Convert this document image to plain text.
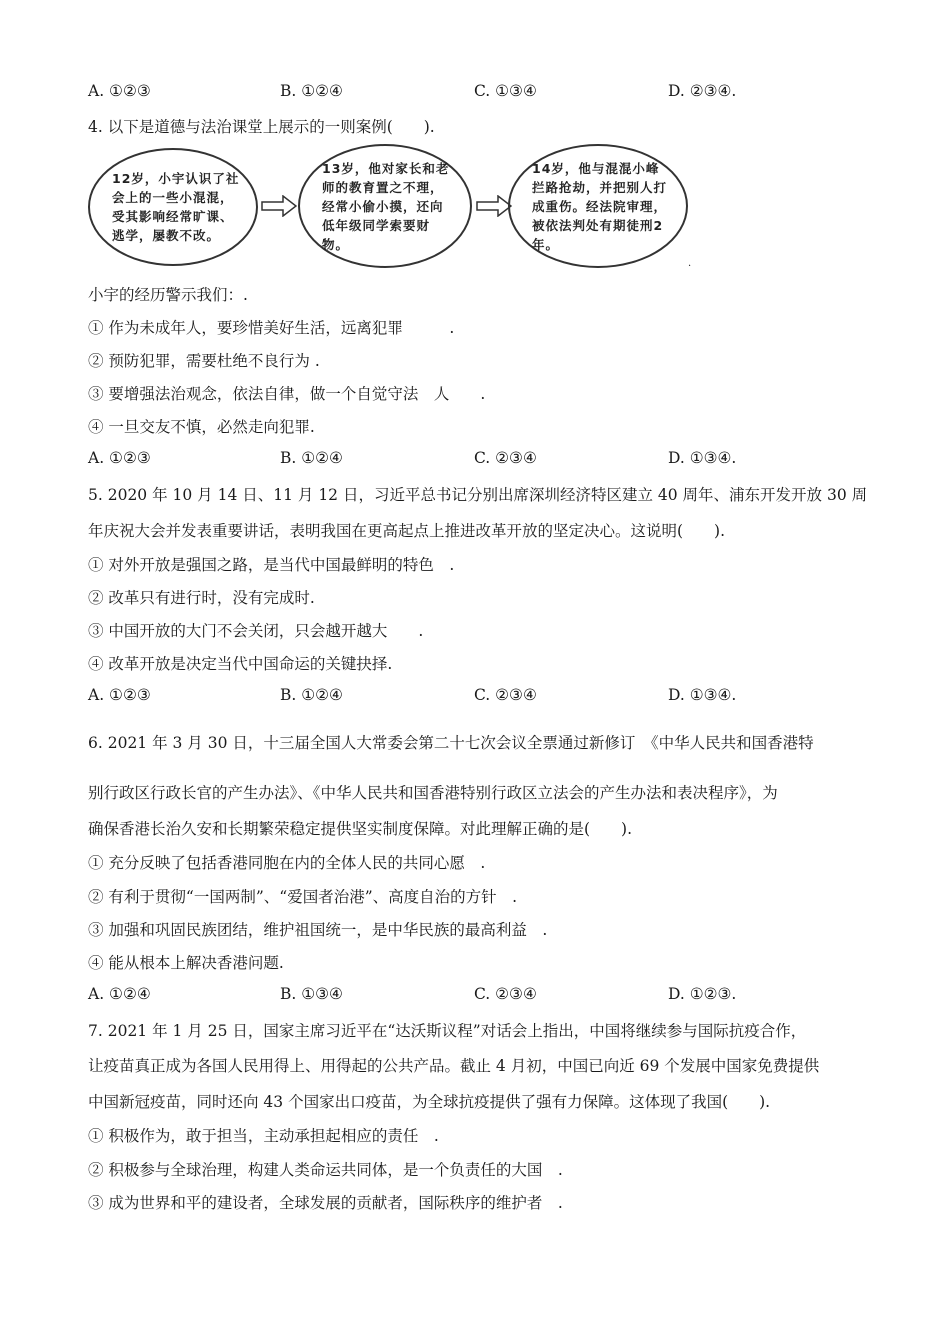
A. ①②③	B. ①②④	C. ①③④	D. ②③④.
4. 以下是道德与法治课堂上展示的一则案例(　　).
12岁，小宇认识了社会上的一些小混混，受其影响经常旷课、逃学，屡教不改。
13岁，他对家长和老师的教育置之不理，经常小偷小摸，还向低年级同学索要财物。
14岁，他与混混小峰拦路抢劫，并把别人打成重伤。经法院审理，被依法判处有期徒刑2年。
.
小宇的经历警示我们：.
① 作为未成年人，要珍惜美好生活，远离犯罪　　　.
② 预防犯罪，需要杜绝不良行为 .
③ 要增强法治观念，依法自律，做一个自觉守法　人　　.
④ 一旦交友不慎，必然走向犯罪.
A. ①②③	B. ①②④	C. ②③④	D. ①③④.
5. 2020 年 10 月 14 日、11 月 12 日，习近平总书记分别出席深圳经济特区建立 40 周年、浦东开发开放 30 周
年庆祝大会并发表重要讲话，表明我国在更高起点上推进改革开放的坚定决心。这说明(　　).
① 对外开放是强国之路，是当代中国最鲜明的特色　.
② 改革只有进行时，没有完成时.
③ 中国开放的大门不会关闭，只会越开越大　　.
④ 改革开放是决定当代中国命运的关键抉择.
A. ①②③	B. ①②④	C. ②③④	D. ①③④.
6. 2021 年 3 月 30 日，十三届全国人大常委会第二十七次会议全票通过新修订　《中华人民共和国香港特
别行政区行政长官的产生办法》、《中华人民共和国香港特别行政区立法会的产生办法和表决程序》，为
确保香港长治久安和长期繁荣稳定提供坚实制度保障。对此理解正确的是(　　).
① 充分反映了包括香港同胞在内的全体人民的共同心愿　.
② 有利于贯彻“一国两制”、“爱国者治港”、高度自治的方针　.
③ 加强和巩固民族团结，维护祖国统一，是中华民族的最高利益　.
④ 能从根本上解决香港问题.
A. ①②④	B. ①③④	C. ②③④	D. ①②③.
7. 2021 年 1 月 25 日，国家主席习近平在“达沃斯议程”对话会上指出，中国将继续参与国际抗疫合作，
让疫苗真正成为各国人民用得上、用得起的公共产品。截止 4 月初，中国已向近 69 个发展中国家免费提供
中国新冠疫苗，同时还向 43 个国家出口疫苗，为全球抗疫提供了强有力保障。这体现了我国(　　).
① 积极作为，敢于担当，主动承担起相应的责任　.
② 积极参与全球治理，构建人类命运共同体，是一个负责任的大国　.
③ 成为世界和平的建设者，全球发展的贡献者，国际秩序的维护者　.
